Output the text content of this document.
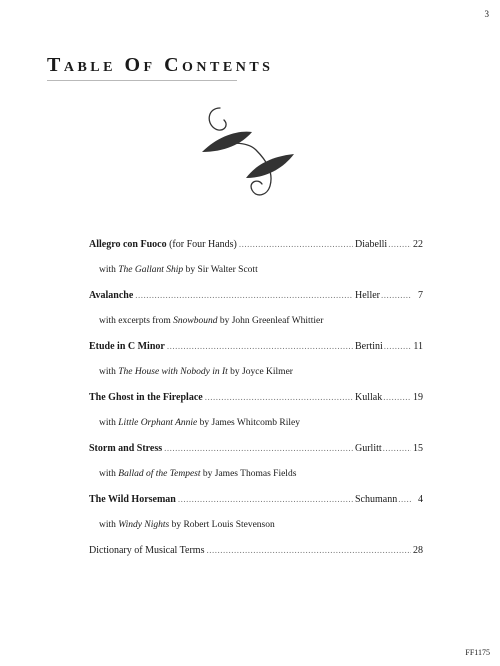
3
TABLE OF CONTENTS
Allegro con Fuoco (for Four Hands) .....	Diabelli .....	22
with The Gallant Ship by Sir Walter Scott
Avalanche .....	Heller .....	7
with excerpts from Snowbound by John Greenleaf Whittier
Etude in C Minor .....	Bertini .....	11
with The House with Nobody in It by Joyce Kilmer
The Ghost in the Fireplace .....	Kullak .....	19
with Little Orphant Annie by James Whitcomb Riley
Storm and Stress .....	Gurlitt .....	15
with Ballad of the Tempest by James Thomas Fields
The Wild Horseman .....	Schumann .....	4
with Windy Nights by Robert Louis Stevenson
Dictionary of Musical Terms .....	28
FF1175
